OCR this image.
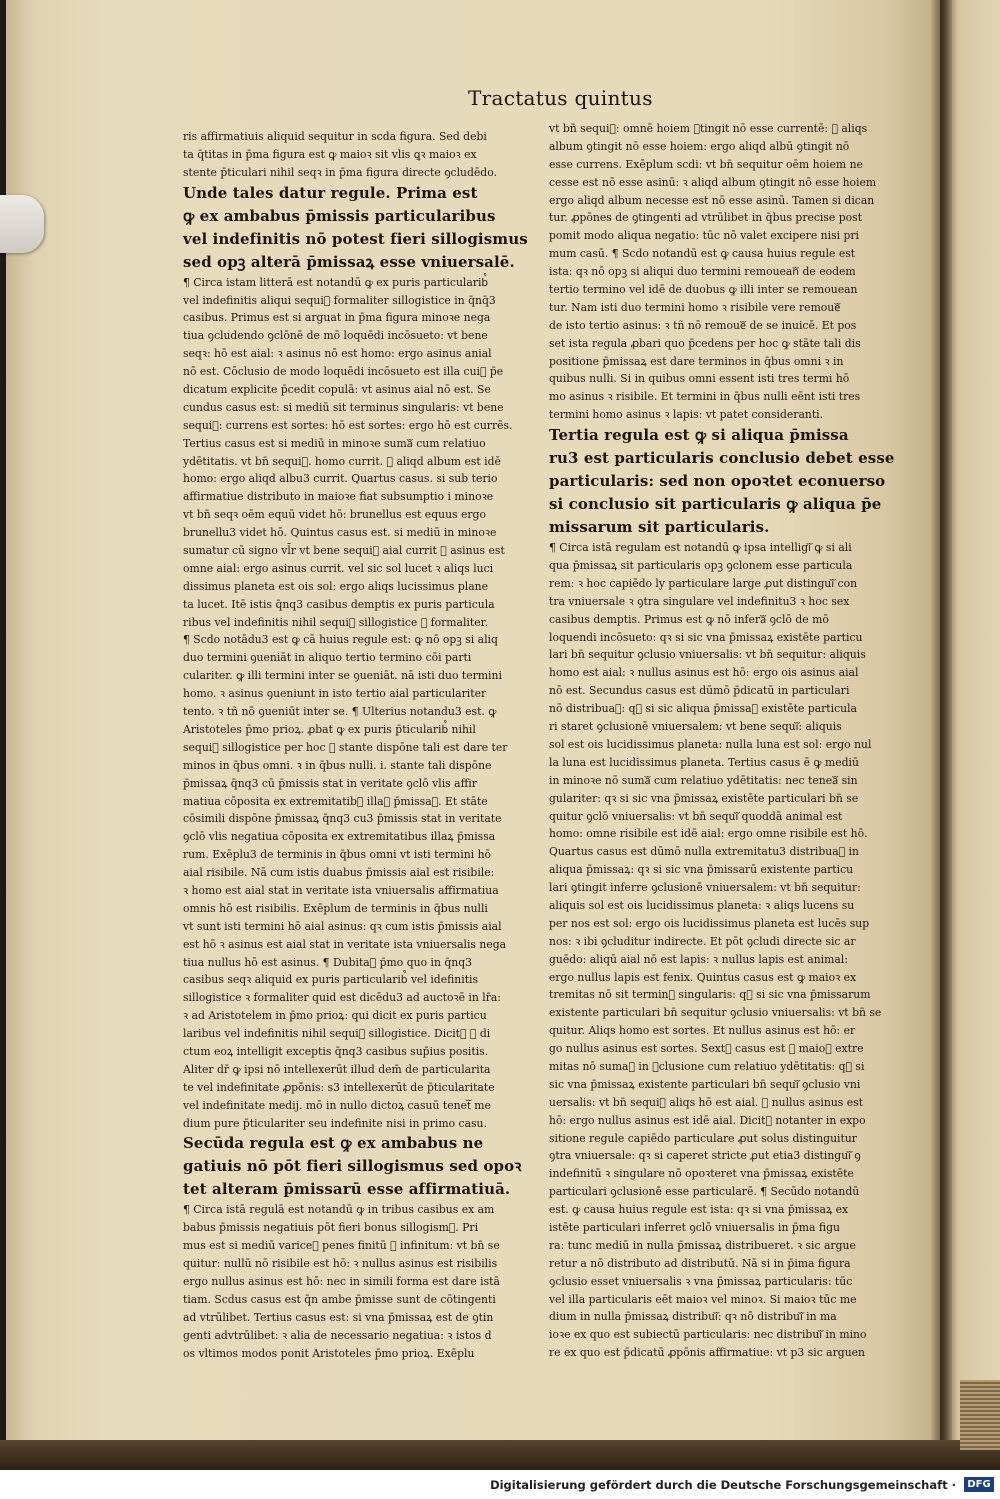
Tractatus quintus
ris affirmatiuis aliquid sequitur in scda figura. Sed debi
ta q̄titas in p̄ma figura est ꝙ maioꝛ sit vlis ꝗꝛ maioꝛ ex
stente p̄ticulari nihil seqꝛ in p̄ma figura directe ꝯcludēdo.
Unde tales datur regule. Prima est
ꝙ ex ambabus p̄missis particularibus
vel indefinitis nō potest fieri sillogismus
sed opꝫ alterā p̄missaꝝ esse vniuersalē.
¶ Circa istam litterā est notandū ꝙ ex puris particularib᷒
vel indefinitis aliqui sequiᷓ formaliter sillogistice in q̄nq̄3
casibus. Primus est si arguat in p̄ma figura minoꝛe nega
tiua ꝯcludendo ꝯclōnē de mō loquēdi incōsueto: vt bene
seqꝛ: hō est aial: ꝛ asinus nō est homo: ergo asinus anial
nō est. Cōclusio de modo loquēdi incōsueto est illa cui᷒ p̄e
dicatum explicite p̄cedit copulā: vt asinus aial nō est. Se
cundus casus est: si mediū sit terminus singularis: vt bene
sequiᷓ: currens est sortes: hō est sortes: ergo hō est currēs.
Tertius casus est si mediū in minoꝛe sumaᷓ cum relatiuo
ydētitatis. vt bn̄ sequiᷓ. homo currit. ꝛ aliqd album est idē
homo: ergo aliqd albu3 currit. Quartus casus. si sub terio
affirmatiue distributo in maioꝛe fiat subsumptio i minoꝛe
vt bn̄ seqꝛ oēm equū videt hō: brunellus est equus ergo
brunellu3 videt hō. Quintus casus est. si mediū in minoꝛe
sumatur cū signo vl̄r vt bene sequiᷓ aial currit ꝛ asinus est
omne aial: ergo asinus currit. vel sic sol lucet ꝛ aliqs luci
dissimus planeta est ois sol: ergo aliqs lucissimus plane
ta lucet. Itē istis q̄nq3 casibus demptis ex puris particula
ribus vel indefinitis nihil sequiᷓ sillogistice ꝛ formaliter.
¶ Scdo notādu3 est ꝙ cā huius regule est: ꝙ nō opꝫ si aliq
duo termini ꝯueniāt in aliquo tertio termino cōi parti
culariter. ꝙ illi termini inter se ꝯueniāt. nā isti duo termini
homo. ꝛ asinus ꝯueniunt in isto tertio aial particulariter
tento. ꝛ tñ nō ꝯueniūt inter se. ¶ Ulterius notandu3 est. ꝙ
Aristoteles p̄mo prioꝝ. ꝓbat ꝙ ex puris p̄ticularib᷒ nihil
sequiᷓ sillogistice per hoc ꝙ stante dispōne tali est dare ter
minos in q̄bus omni. ꝛ in q̄bus nulli. i. stante tali dispōne
p̄missaꝝ q̄nq3 cū p̄missis stat in veritate ꝯclō vlis affir
matiua cōposita ex extremitatib᷒ illaꝝ p̄missaꝝ. Et stāte
cōsimili dispōne p̄missaꝝ q̄nq3 cu3 p̄missis stat in veritate
ꝯclō vlis negatiua cōposita ex extremitatibus illaꝝ p̄missa
rum. Exēplu3 de terminis in q̄bus omni vt isti termini hō
aial risibile. Nā cum istis duabus p̄missis aial est risibile:
ꝛ homo est aial stat in veritate ista vniuersalis affirmatiua
omnis hō est risibilis. Exēplum de terminis in q̄bus nulli
vt sunt isti termini hō aial asinus: qꝛ cum istis p̄missis aial
est hō ꝛ asinus est aial stat in veritate ista vniuersalis nega
tiua nullus hō est asinus. ¶ Dubitaᷓ p̄mo quo in q̄nq3
casibus seqꝛ aliquid ex puris particularib᷒ vel idefinitis
sillogistice ꝛ formaliter quid est dicēdu3 ad auctoꝛē in lr̄a:
ꝛ ad Aristotelem in p̄mo prioꝝ: qui dicit ex puris particu
laribus vel indefinitis nihil sequiᷓ sillogistice. Dicitᷓ ꝙ di
ctum eoꝝ intelligit exceptis q̄nq3 casibus sup̄ius positis.
Aliter dr̄ ꝙ ipsi nō intellexerūt illud dem̄ de particularita
te vel indefinitate ꝓpōnis: s3 intellexerūt de p̄ticularitate
vel indefinitate medij. mō in nullo dictoꝝ casuū tenetᷓ me
dium pure p̄ticulariter seu indefinite nisi in primo casu.
Secūda regula est ꝙ ex ambabus ne
gatiuis nō pōt fieri sillogismus sed opoꝛ
tet alteram p̄missarū esse affirmatiuā.
¶ Circa istā regulā est notandū ꝙ in tribus casibus ex am
babus p̄missis negatiuis pōt fieri bonus sillogism᷒. Pri
mus est si mediū variceᷓ penes finitū ꝛ infinitum: vt bn̄ se
quitur: nullū nō risibile est hō: ꝛ nullus asinus est risibilis
ergo nullus asinus est hō: nec in simili forma est dare istā
tiam. Scdus casus est q̄n ambe p̄misse sunt de cōtingenti
ad vtrūlibet. Tertius casus est: si vna p̄missaꝝ est de ꝯtin
genti advtrūlibet: ꝛ alia de necessario negatiua: ꝛ istos d
os vltimos modos ponit Aristoteles p̄mo prioꝝ. Exēplu
vt bn̄ sequiᷓ: omnē hoiem ꝯtingit nō esse currentē: ꝛ aliqs
album ꝯtingit nō esse hoiem: ergo aliqd albū ꝯtingit nō
esse currens. Exēplum scdi: vt bn̄ sequitur oēm hoiem ne
cesse est nō esse asinū: ꝛ aliqd album ꝯtingit nō esse hoiem
ergo aliqd album necesse est nō esse asinū. Tamen si dican
tur. ꝓpōnes de ꝯtingenti ad vtrūlibet in q̄bus precise post
pomit modo aliqua negatio: tūc nō valet excipere nisi pri
mum casū. ¶ Scdo notandū est ꝙ causa huius regule est
ista: qꝛ nō opꝫ si aliqui duo termini remoueanᷓ de eodem
tertio termino vel idē de duobus ꝙ illi inter se remouean
tur. Nam isti duo termini homo ꝛ risibile vere remoueᷓ
de isto tertio asinus: ꝛ tñ nō remoueᷓ de se inuicē. Et pos
set ista regula ꝓbari quo p̄cedens per hoc ꝙ stāte tali dis
positione p̄missaꝝ est dare terminos in q̄bus omni ꝛ in
quibus nulli. Si in quibus omni essent isti tres termi hō
mo asinus ꝛ risibile. Et termini in q̄bus nulli eēnt isti tres
termini homo asinus ꝛ lapis: vt patet consideranti.
Tertia regula est ꝙ si aliqua p̄missa
ru3 est particularis conclusio debet esse
particularis: sed non opoꝛtet econuerso
si conclusio sit particularis ꝙ aliqua p̄e
missarum sit particularis.
¶ Circa istā regulam est notandū ꝙ ipsa intelligiᷓ ꝙ si ali
qua p̄missaꝝ sit particularis opꝫ ꝯclonem esse particula
rem: ꝛ hoc capiēdo ly particulare large ꝓut distinguiᷓ con
tra vniuersale ꝛ ꝯtra singulare vel indefinitu3 ꝛ hoc sex
casibus demptis. Primus est ꝙ nō inferaᷓ ꝯclō de mō
loquendi incōsueto: qꝛ si sic vna p̄missaꝝ existēte particu
lari bn̄ sequitur ꝯclusio vniuersalis: vt bn̄ sequitur: aliquis
homo est aial: ꝛ nullus asinus est hō: ergo ois asinus aial
nō est. Secundus casus est dūmō p̄dicatū in particulari
nō distribuaᷓ: qꝛ si sic aliqua p̄missaꝝ existēte particula
ri staret ꝯclusionē vniuersalem: vt bene sequiᷓ: aliquis
sol est ois lucidissimus planeta: nulla luna est sol: ergo nul
la luna est lucidissimus planeta. Tertius casus ē ꝙ mediū
in minoꝛe nō sumaᷓ cum relatiuo ydētitatis: nec teneaᷓ sin
gulariter: qꝛ si sic vna p̄missaꝝ existēte particulari bn̄ se
quitur ꝯclō vniuersalis: vt bn̄ sequiᷓ quoddā animal est
homo: omne risibile est idē aial: ergo omne risibile est hō.
Quartus casus est dūmō nulla extremitatu3 distribuaᷓ in
aliqua p̄missaꝝ: qꝛ si sic vna p̄missarū existente particu
lari ꝯtingit inferre ꝯclusionē vniuersalem: vt bn̄ sequitur:
aliquis sol est ois lucidissimus planeta: ꝛ aliqs lucens su
per nos est sol: ergo ois lucidissimus planeta est lucēs sup
nos: ꝛ ibi ꝯcluditur indirecte. Et pōt ꝯcludi directe sic ar
guēdo: aliqū aial nō est lapis: ꝛ nullus lapis est animal:
ergo nullus lapis est fenix. Quintus casus est ꝙ maioꝛ ex
tremitas nō sit terminᷓ singularis: qꝛ si sic vna p̄missarum
existente particulari bn̄ sequitur ꝯclusio vniuersalis: vt bn̄ se
quitur. Aliqs homo est sortes. Et nullus asinus est hō: er
go nullus asinus est sortes. Sextᷓ casus est ꝙ maioꝛ extre
mitas nō sumaᷓ in ꝯclusione cum relatiuo ydētitatis: qꝛ si
sic vna p̄missaꝝ existente particulari bn̄ sequiᷓ ꝯclusio vni
uersalis: vt bn̄ sequiᷓ aliqs hō est aial. ꝛ nullus asinus est
hō: ergo nullus asinus est idē aial. Dicitᷓ notanter in expo
sitione regule capiēdo particulare ꝓut solus distinguitur
ꝯtra vniuersale: qꝛ si caperet stricte ꝓut etia3 distinguiᷓ ꝯ
indefinitū ꝛ singulare nō opoꝛteret vna p̄missaꝝ existēte
particulari ꝯclusionē esse particularē. ¶ Secūdo notandū
est. ꝙ causa huius regule est ista: qꝛ si vna p̄missaꝝ ex
istēte particulari inferret ꝯclō vniuersalis in p̄ma figu
ra: tunc mediū in nulla p̄missaꝝ distribueret. ꝛ sic argue
retur a nō distributo ad distributū. Nā si in p̄ima figura
ꝯclusio esset vniuersalis ꝛ vna p̄missaꝝ particularis: tūc
vel illa particularis eēt maioꝛ vel minoꝛ. Si maioꝛ tūc me
dium in nulla p̄missaꝝ distribuiᷓ: qꝛ nō distribuiᷓ in ma
ioꝛe ex quo est subiectū particularis: nec distribuiᷓ in mino
re ex quo est p̄dicatū ꝓpōnis affirmatiue: vt p3 sic arguen
Digitalisierung gefördert durch die Deutsche Forschungsgemeinschaft ·	DFG
